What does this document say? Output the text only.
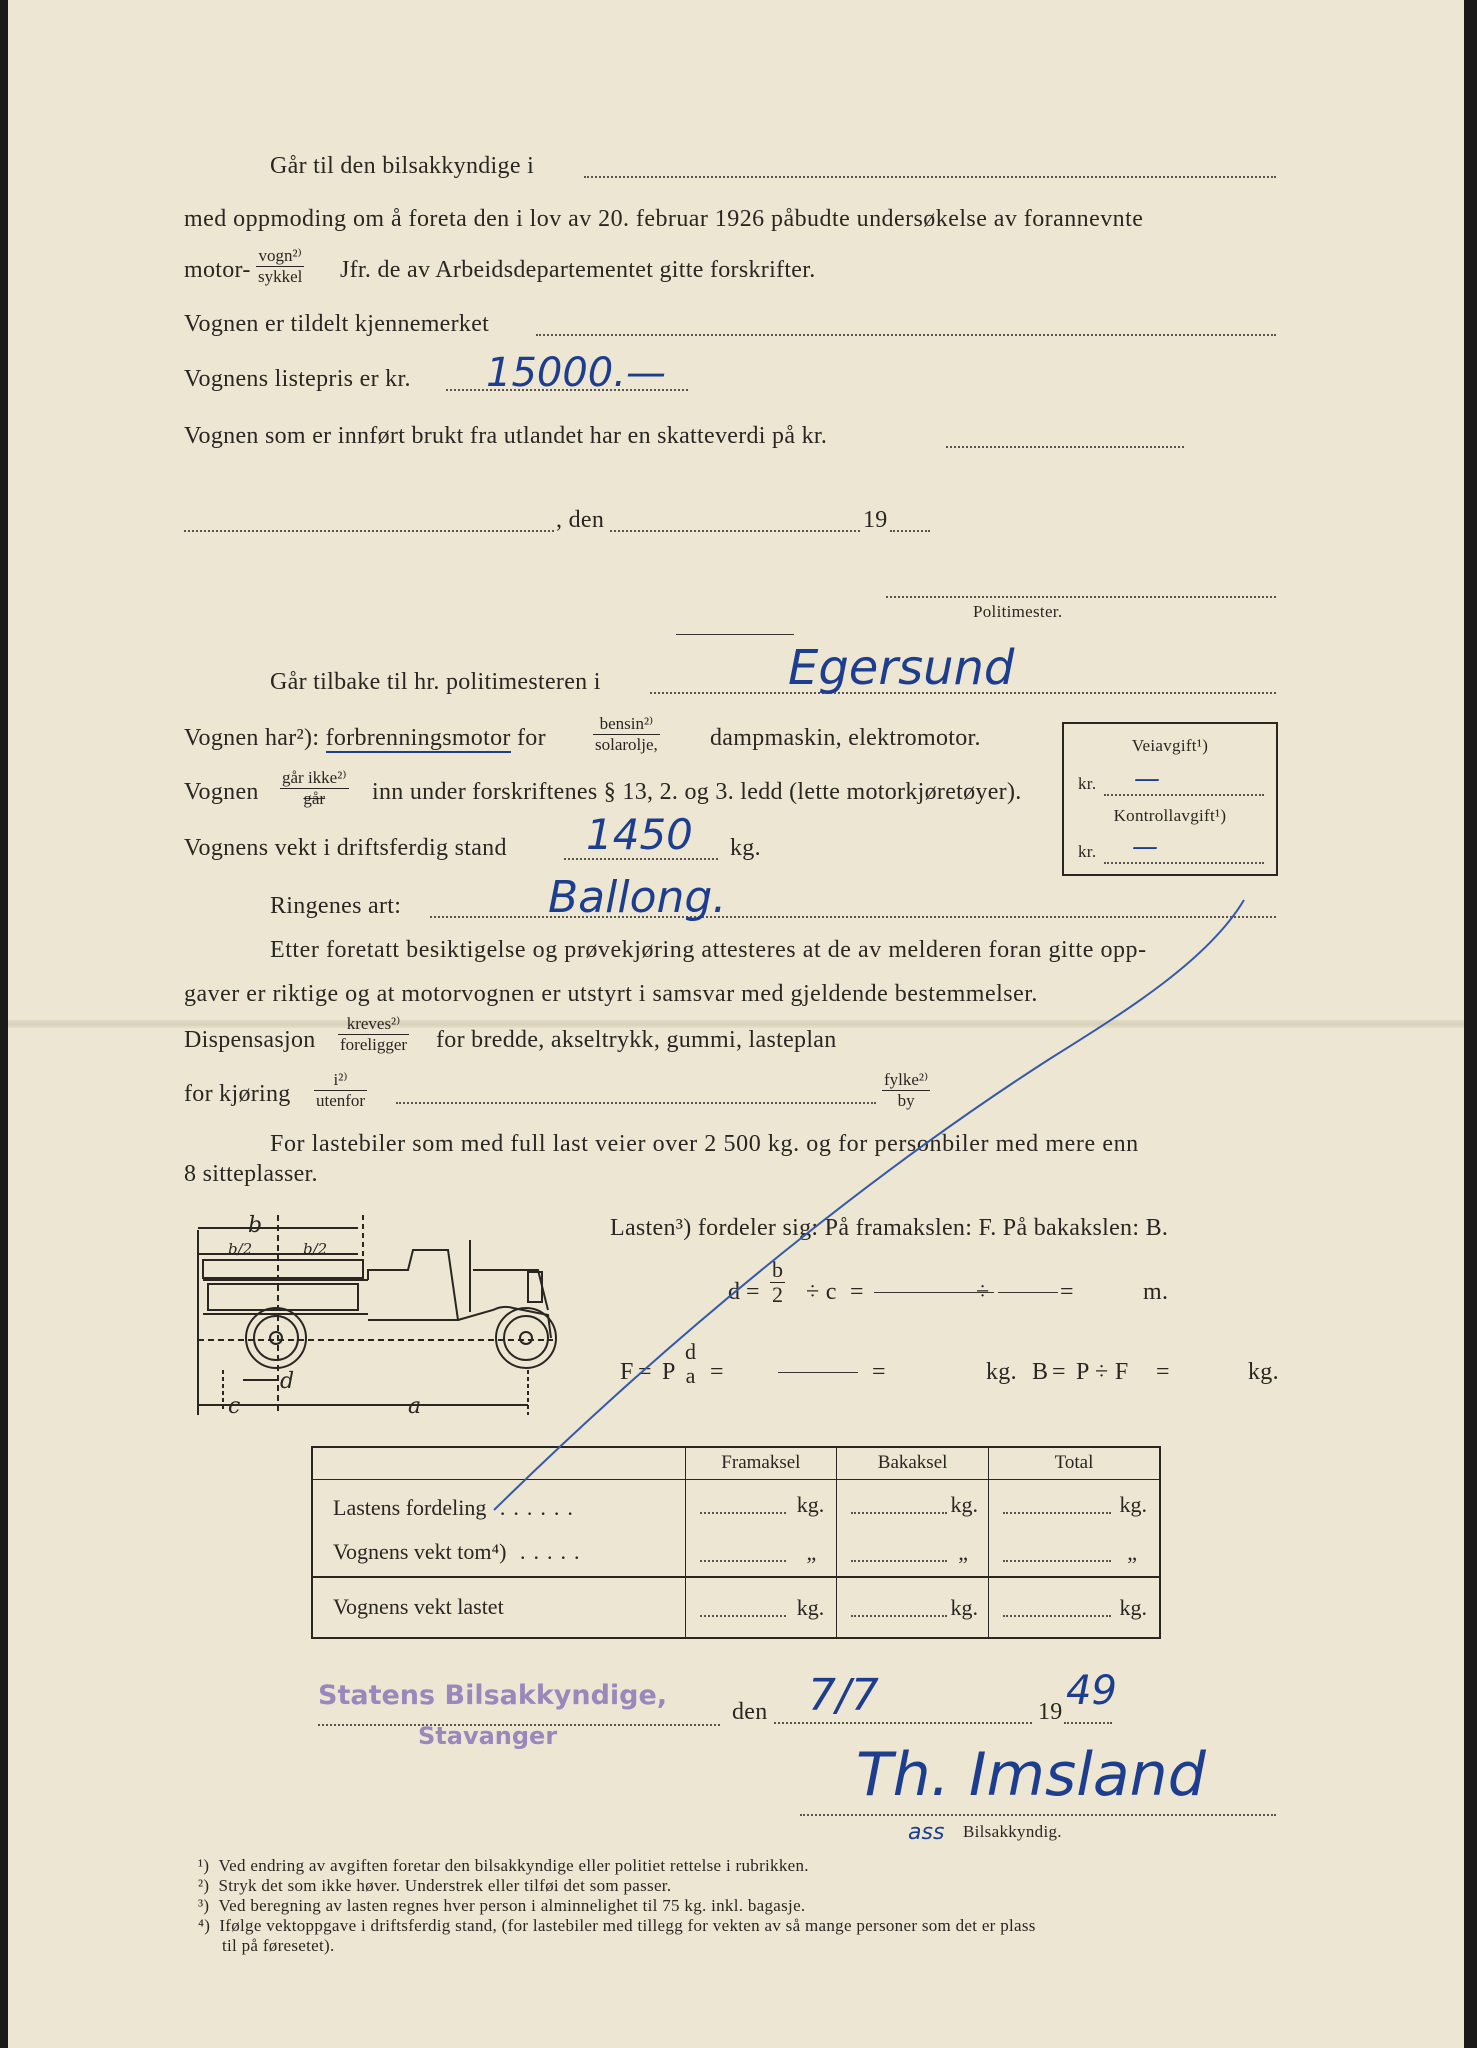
Går til den bilsakkyndige i
med oppmoding om å foreta den i lov av 20. februar 1926 påbudte undersøkelse av forannevnte
motor-
vogn²⁾
sykkel Jfr. de av Arbeidsdepartementet gitte forskrifter.
Vognen er tildelt kjennemerket
Vognens listepris er kr. 15000.—
Vognen som er innført brukt fra utlandet har en skatteverdi på kr.
, den	19
Politimester.
Går tilbake til hr. politimesteren i	Egersund
Vognen har²): forbrenningsmotor for
bensin²⁾
solarolje, dampmaskin, elektromotor.
Vognen
går ikke²⁾
går	inn under forskriftenes § 13, 2. og 3. ledd (lette motorkjøretøyer).
Vognens vekt i driftsferdig stand 1450 kg.
Ringenes art:	Ballong.
Veiavgift¹)
kr. —
Kontrollavgift¹)
kr. —
Etter foretatt besiktigelse og prøvekjøring attesteres at de av melderen foran gitte opp-
gaver er riktige og at motorvognen er utstyrt i samsvar med gjeldende bestemmelser.
Dispensasjon
kreves²⁾
foreligger for bredde, akseltrykk, gummi, lasteplan
for kjøring
i²⁾
utenfor
fylke²⁾
by
For lastebiler som med full last veier over 2 500 kg. og for personbiler med mere enn
8 sitteplasser.
b
b/2	b/2
c
d
a
Lasten³) fordeler sig: På framakslen: F. På bakakslen: B.
$d = \frac{b}{2} \div c$ =	÷	=	m.
F = P
d
a =	=	kg. B = P ÷ F =	kg.
	Framaksel	Bakaksel	Total
Lastens fordeling ......	kg.	kg.	kg.

Vognens vekt tom⁴) .....	„	„	„

Vognens vekt lastet	kg.	kg.	kg.
Statens Bilsakkyndige,
Stavanger
den 7/7	19 49
Th. Imsland
ass Bilsakkyndig.
¹) Ved endring av avgiften foretar den bilsakkyndige eller politiet rettelse i rubrikken.
²) Stryk det som ikke høver. Understrek eller tilføi det som passer.
³) Ved beregning av lasten regnes hver person i alminnelighet til 75 kg. inkl. bagasje.
⁴) Ifølge vektoppgave i driftsferdig stand, (for lastebiler med tillegg for vekten av så mange personer som det er plass
til på føresetet).
